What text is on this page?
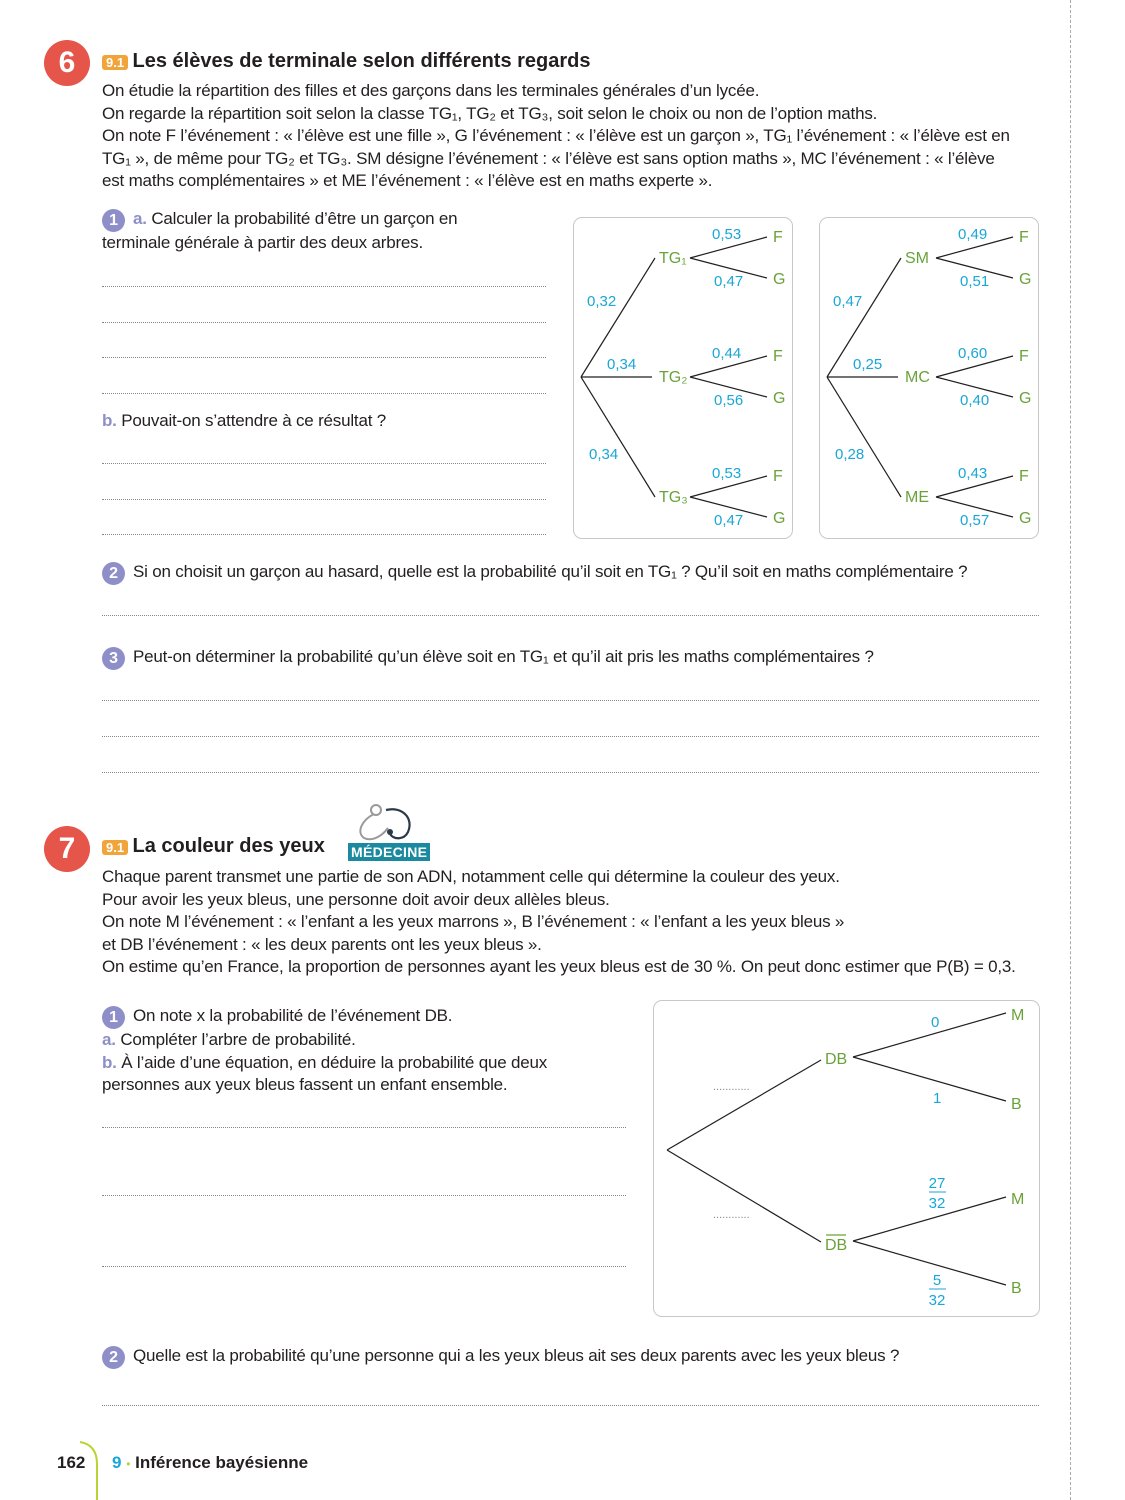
6	9.1 Les élèves de terminale selon différents regards
On étudie la répartition des filles et des garçons dans les terminales générales d’un lycée.
On regarde la répartition soit selon la classe TG₁, TG₂ et TG₃, soit selon le choix ou non de l’option maths.
On note F l’événement : « l’élève est une fille », G l’événement : « l’élève est un garçon », TG₁ l’événement : « l’élève est en
TG₁ », de même pour TG₂ et TG₃. SM désigne l’événement : « l’élève est sans option maths », MC l’événement : « l’élève
est maths complémentaires » et ME l’événement : « l’élève est en maths experte ».
1 a. Calculer la probabilité d’être un garçon en
terminale générale à partir des deux arbres.
b. Pouvait-on s’attendre à ce résultat ?
0,32
TG₁
0,53
0,47
F
G
0,34
TG₂
0,44
0,56
F
G
0,34
TG₃
0,53
0,47
F
G
0,47
SM
0,49
0,51
F
G
0,25
MC
0,60
0,40
F
G
0,28
ME
0,43
0,57
F
G
DB
DB
............
............
M
B
M
B
0
1
27
32
5
32
2 Si on choisit un garçon au hasard, quelle est la probabilité qu’il soit en TG₁ ? Qu’il soit en maths complémentaire ?
3 Peut-on déterminer la probabilité qu’un élève soit en TG₁ et qu’il ait pris les maths complémentaires ?
7	9.1 La couleur des yeux MÉDECINE
Chaque parent transmet une partie de son ADN, notamment celle qui détermine la couleur des yeux.
Pour avoir les yeux bleus, une personne doit avoir deux allèles bleus.
On note M l’événement : « l’enfant a les yeux marrons », B l’événement : « l’enfant a les yeux bleus »
et DB l’événement : « les deux parents ont les yeux bleus ».
On estime qu’en France, la proportion de personnes ayant les yeux bleus est de 30 %. On peut donc estimer que P(B) = 0,3.
1 On note x la probabilité de l’événement DB.
a. Compléter l’arbre de probabilité.
b. À l’aide d’une équation, en déduire la probabilité que deux
personnes aux yeux bleus fassent un enfant ensemble.
2 Quelle est la probabilité qu’une personne qui a les yeux bleus ait ses deux parents avec les yeux bleus ?
162 9 • Inférence bayésienne
